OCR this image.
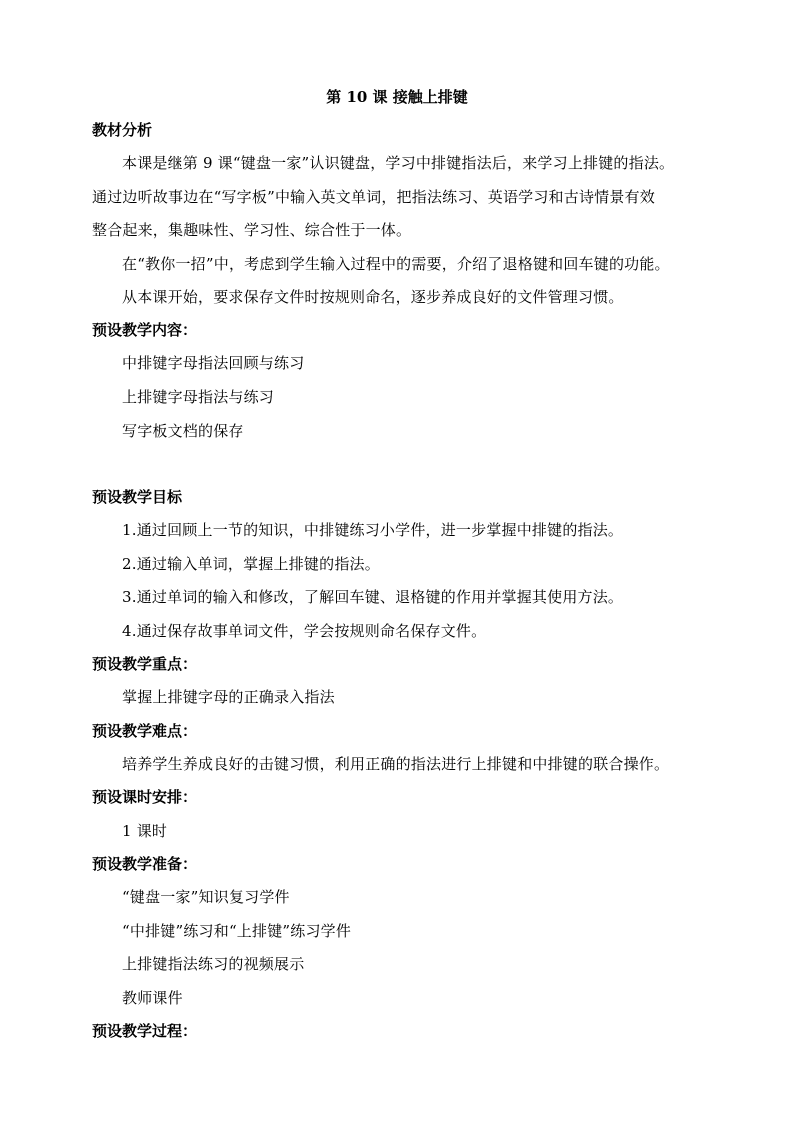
第 10 课 接触上排键
教材分析
本课是继第 9 课“键盘一家”认识键盘，学习中排键指法后，来学习上排键的指法。
通过边听故事边在“写字板”中输入英文单词，把指法练习、英语学习和古诗情景有效
整合起来，集趣味性、学习性、综合性于一体。
在“教你一招”中，考虑到学生输入过程中的需要，介绍了退格键和回车键的功能。
从本课开始，要求保存文件时按规则命名，逐步养成良好的文件管理习惯。
预设教学内容：
中排键字母指法回顾与练习
上排键字母指法与练习
写字板文档的保存
预设教学目标
1.通过回顾上一节的知识，中排键练习小学件，进一步掌握中排键的指法。
2.通过输入单词，掌握上排键的指法。
3.通过单词的输入和修改，了解回车键、退格键的作用并掌握其使用方法。
4.通过保存故事单词文件，学会按规则命名保存文件。
预设教学重点：
掌握上排键字母的正确录入指法
预设教学难点：
培养学生养成良好的击键习惯，利用正确的指法进行上排键和中排键的联合操作。
预设课时安排：
1 课时
预设教学准备：
“键盘一家”知识复习学件
“中排键”练习和“上排键”练习学件
上排键指法练习的视频展示
教师课件
预设教学过程：
